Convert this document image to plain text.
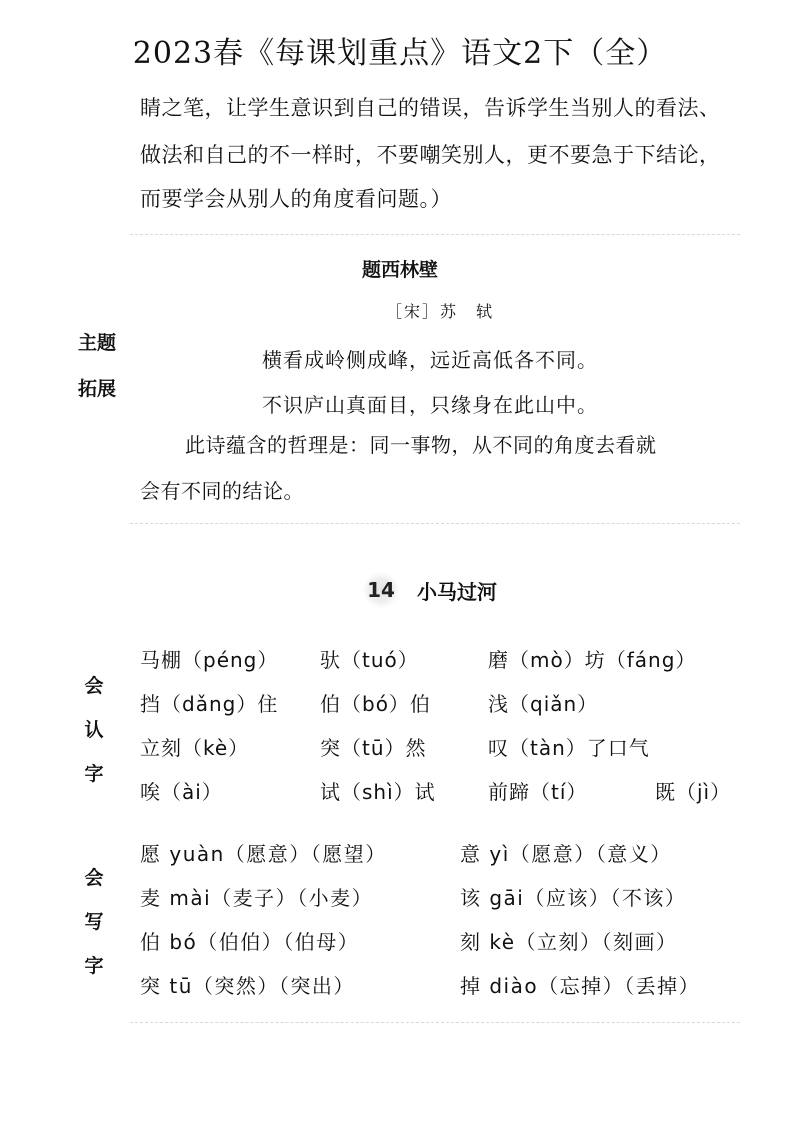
2023春《每课划重点》语文2下（全）
睛之笔，让学生意识到自己的错误，告诉学生当别人的看法、
做法和自己的不一样时，不要嘲笑别人，更不要急于下结论，
而要学会从别人的角度看问题。）
主题
拓展
题西林壁
［宋］苏　轼
横看成岭侧成峰，远近高低各不同。
不识庐山真面目，只缘身在此山中。
此诗蕴含的哲理是：同一事物，从不同的角度去看就
会有不同的结论。
14 小马过河
会
认
字
马棚（péng） 驮（tuó）	磨（mò）坊（fáng）
挡（dǎng）住 伯（bó）伯	浅（qiǎn）
立刻（kè）	突（tū）然	叹（tàn）了口气
唉（ài）	试（shì）试	前蹄（tí）	既（jì）
会
写
字
愿 yuàn（愿意）（愿望）	意 yì（愿意）（意义）
麦 mài（麦子）（小麦）	该 gāi（应该）（不该）
伯 bó（伯伯）（伯母）	刻 kè（立刻）（刻画）
突 tū（突然）（突出）	掉 diào（忘掉）（丢掉）
